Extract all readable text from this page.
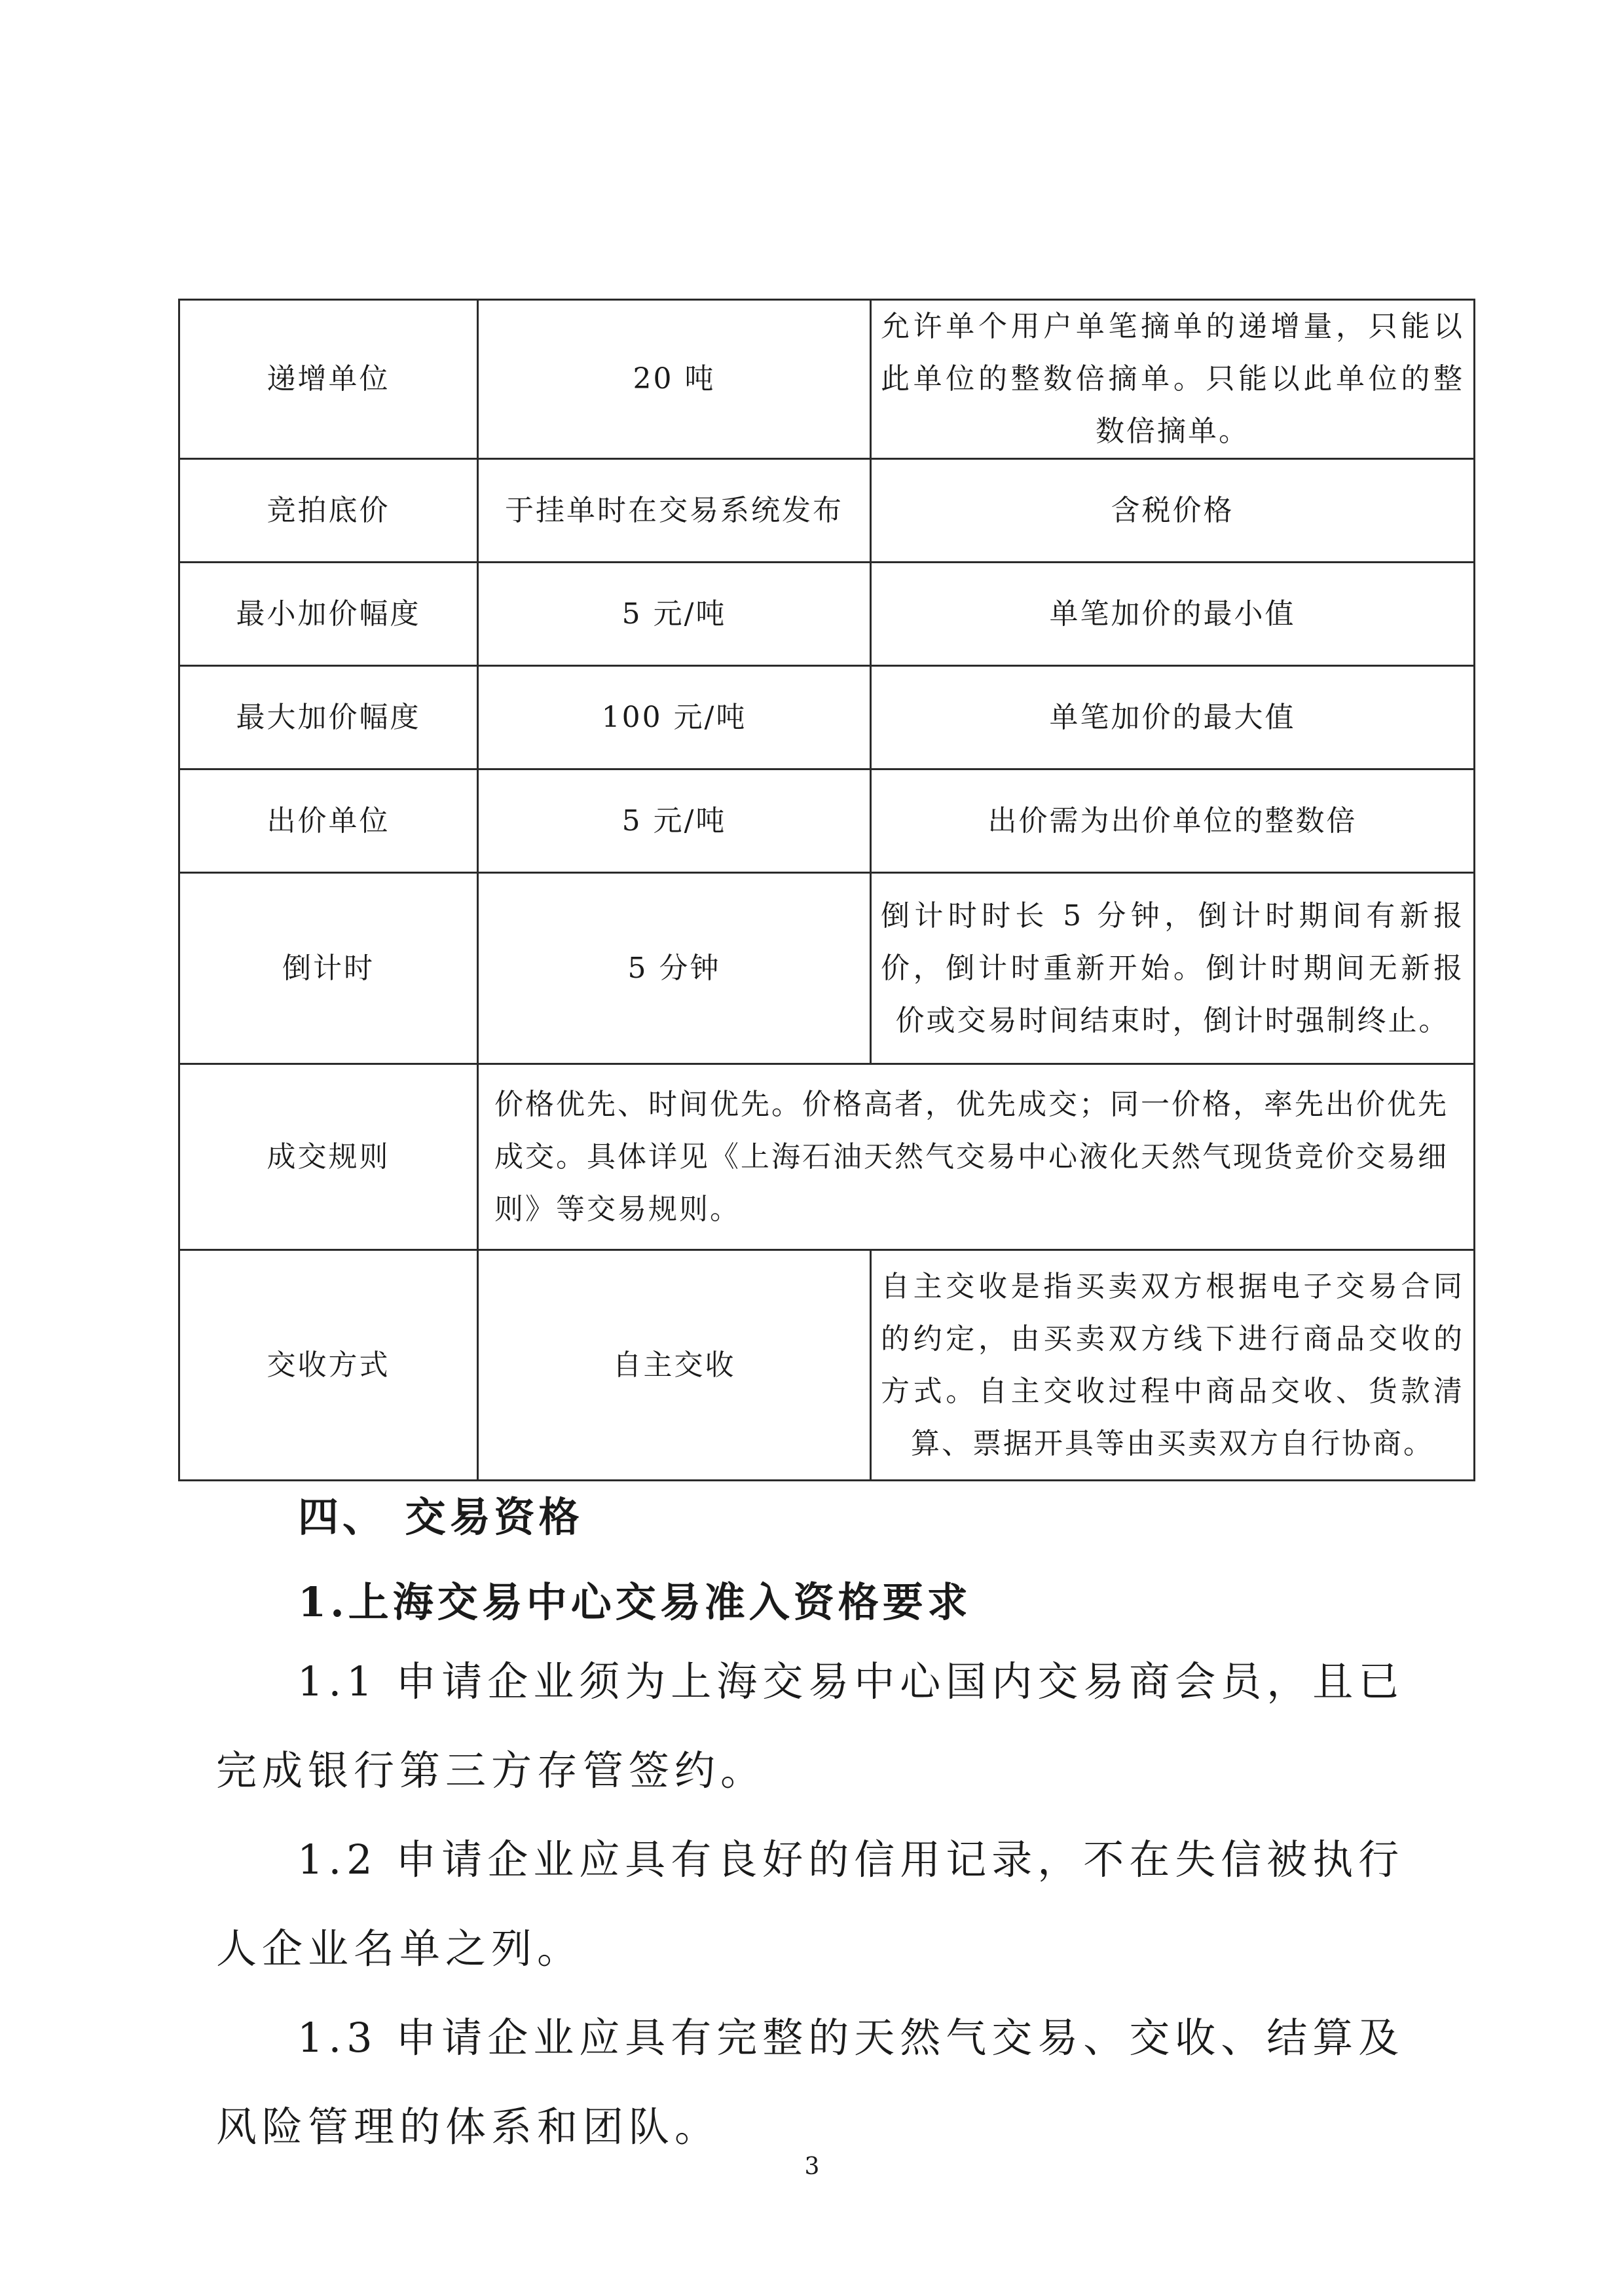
递增单位	20 吨	允许单个用户单笔摘单的递增量，只能以此单位的整数倍摘单。只能以此单位的整数倍摘单。
竞拍底价	于挂单时在交易系统发布	含税价格
最小加价幅度	5 元/吨	单笔加价的最小值
最大加价幅度	100 元/吨	单笔加价的最大值
出价单位	5 元/吨	出价需为出价单位的整数倍
倒计时	5 分钟	倒计时时长 5 分钟，倒计时期间有新报价，倒计时重新开始。倒计时期间无新报价或交易时间结束时，倒计时强制终止。
成交规则	价格优先、时间优先。价格高者，优先成交；同一价格，率先出价优先成交。具体详见《上海石油天然气交易中心液化天然气现货竞价交易细则》等交易规则。	
交收方式	自主交收	自主交收是指买卖双方根据电子交易合同的约定，由买卖双方线下进行商品交收的方式。自主交收过程中商品交收、货款清算、票据开具等由买卖双方自行协商。
四、 交易资格
1.上海交易中心交易准入资格要求

1.1 申请企业须为上海交易中心国内交易商会员，且已完成银行第三方存管签约。

1.2 申请企业应具有良好的信用记录，不在失信被执行人企业名单之列。

1.3 申请企业应具有完整的天然气交易、交收、结算及风险管理的体系和团队。

3
